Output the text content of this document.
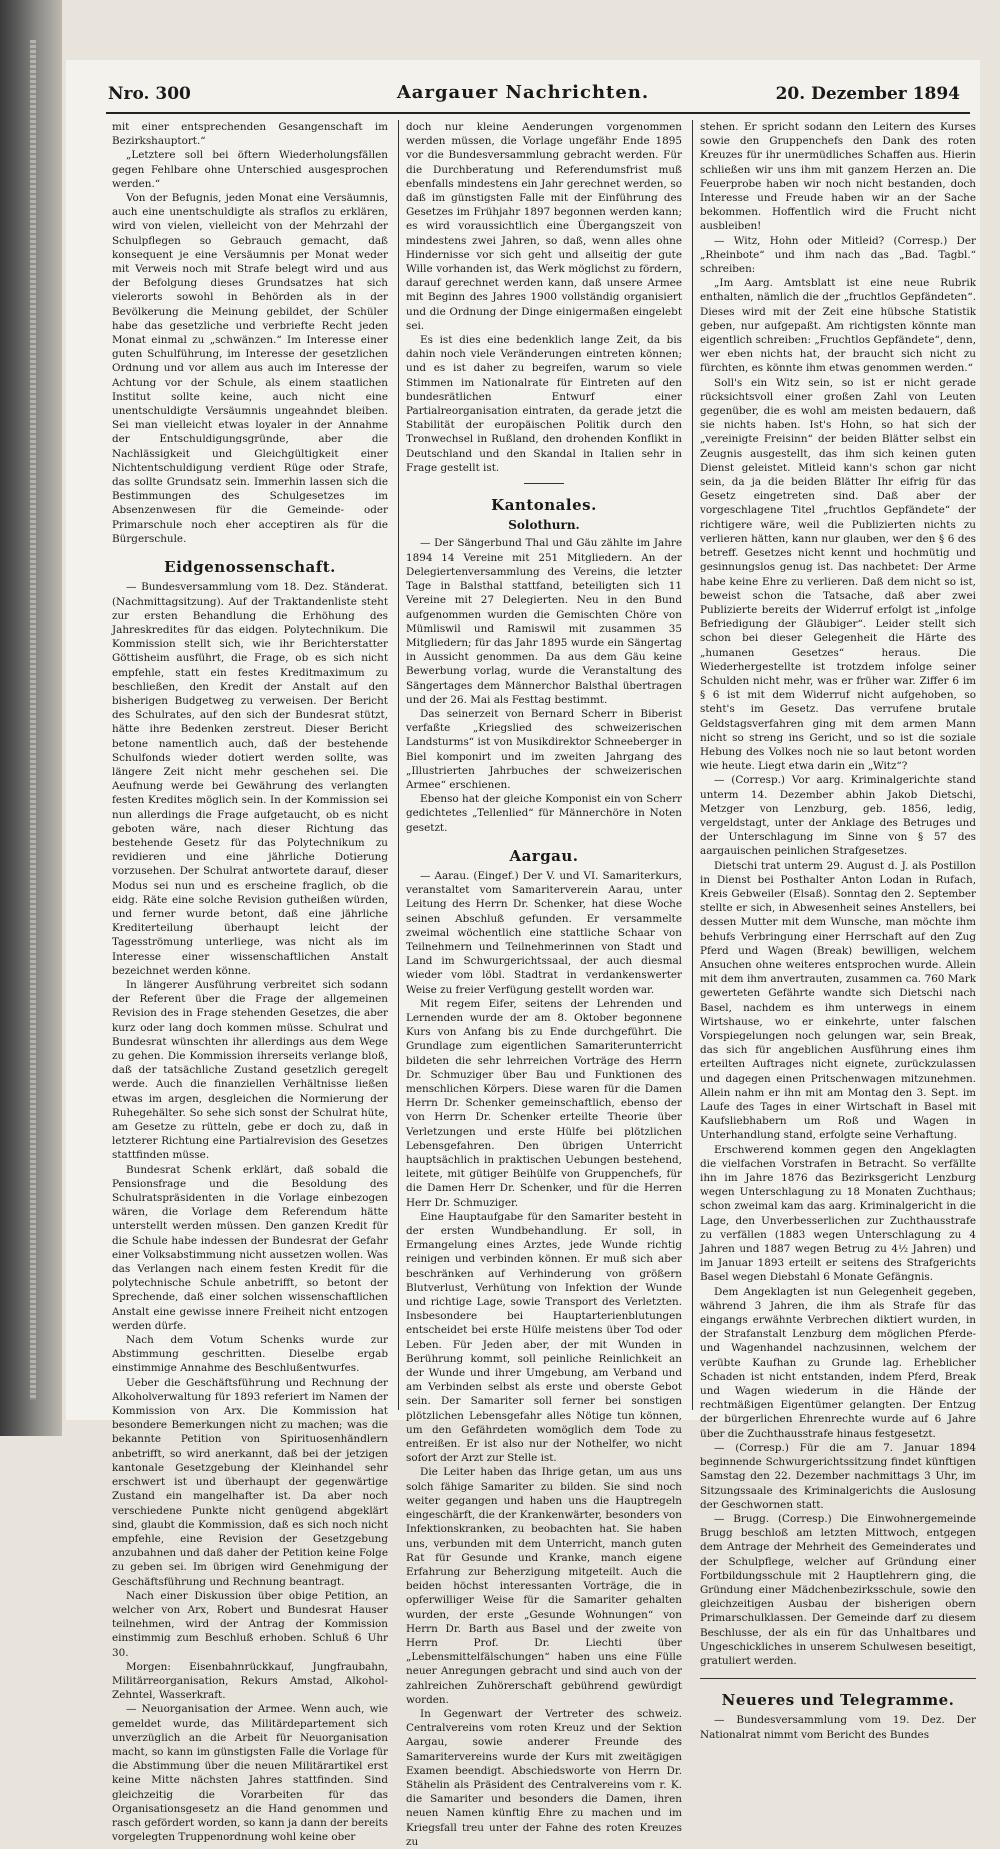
Nro. 300	Aargauer Nachrichten.	20. Dezember 1894

mit einer entsprechenden Gesangenschaft im Bezirkshauptort.“

„Letztere soll bei öftern Wiederholungsfällen gegen Fehlbare ohne Unterschied ausgesprochen werden.“

Von der Befugnis, jeden Monat eine Versäumnis, auch eine unentschuldigte als straflos zu erklären, wird von vielen, vielleicht von der Mehrzahl der Schulpflegen so Gebrauch gemacht, daß konsequent je eine Versäumnis per Monat weder mit Verweis noch mit Strafe belegt wird und aus der Befolgung dieses Grundsatzes hat sich vielerorts sowohl in Behörden als in der Bevölkerung die Meinung gebildet, der Schüler habe das gesetzliche und verbriefte Recht jeden Monat einmal zu „schwänzen.“ Im Interesse einer guten Schulführung, im Interesse der gesetzlichen Ordnung und vor allem aus auch im Interesse der Achtung vor der Schule, als einem staatlichen Institut sollte keine, auch nicht eine unentschuldigte Versäumnis ungeahndet bleiben. Sei man vielleicht etwas loyaler in der Annahme der Entschuldigungsgründe, aber die Nachlässigkeit und Gleichgültigkeit einer Nichtentschuldigung verdient Rüge oder Strafe, das sollte Grundsatz sein. Immerhin lassen sich die Bestimmungen des Schulgesetzes im Absenzenwesen für die Gemeinde- oder Primarschule noch eher acceptiren als für die Bürgerschule.

Eidgenossenschaft.

— Bundesversammlung vom 18. Dez. Ständerat. (Nachmittagsitzung). Auf der Traktandenliste steht zur ersten Behandlung die Erhöhung des Jahreskredites für das eidgen. Polytechnikum. Die Kommission stellt sich, wie ihr Berichterstatter Göttisheim ausführt, die Frage, ob es sich nicht empfehle, statt ein festes Kreditmaximum zu beschließen, den Kredit der Anstalt auf den bisherigen Budgetweg zu verweisen. Der Bericht des Schulrates, auf den sich der Bundesrat stützt, hätte ihre Bedenken zerstreut. Dieser Bericht betone namentlich auch, daß der bestehende Schulfonds wieder dotiert werden sollte, was längere Zeit nicht mehr geschehen sei. Die Aeufnung werde bei Gewährung des verlangten festen Kredites möglich sein. In der Kommission sei nun allerdings die Frage aufgetaucht, ob es nicht geboten wäre, nach dieser Richtung das bestehende Gesetz für das Polytechnikum zu revidieren und eine jährliche Dotierung vorzusehen. Der Schulrat antwortete darauf, dieser Modus sei nun und es erscheine fraglich, ob die eidg. Räte eine solche Revision gutheißen würden, und ferner wurde betont, daß eine jährliche Krediterteilung überhaupt leicht der Tagesströmung unterliege, was nicht als im Interesse einer wissenschaftlichen Anstalt bezeichnet werden könne.

In längerer Ausführung verbreitet sich sodann der Referent über die Frage der allgemeinen Revision des in Frage stehenden Gesetzes, die aber kurz oder lang doch kommen müsse. Schulrat und Bundesrat wünschten ihr allerdings aus dem Wege zu gehen. Die Kommission ihrerseits verlange bloß, daß der tatsächliche Zustand gesetzlich geregelt werde. Auch die finanziellen Verhältnisse ließen etwas im argen, desgleichen die Normierung der Ruhegehälter. So sehe sich sonst der Schulrat hüte, am Gesetze zu rütteln, gebe er doch zu, daß in letzterer Richtung eine Partialrevision des Gesetzes stattfinden müsse.

Bundesrat Schenk erklärt, daß sobald die Pensionsfrage und die Besoldung des Schulratspräsidenten in die Vorlage einbezogen wären, die Vorlage dem Referendum hätte unterstellt werden müssen. Den ganzen Kredit für die Schule habe indessen der Bundesrat der Gefahr einer Volksabstimmung nicht aussetzen wollen. Was das Verlangen nach einem festen Kredit für die polytechnische Schule anbetrifft, so betont der Sprechende, daß einer solchen wissenschaftlichen Anstalt eine gewisse innere Freiheit nicht entzogen werden dürfe.

Nach dem Votum Schenks wurde zur Abstimmung geschritten. Dieselbe ergab einstimmige Annahme des Beschlußentwurfes.

Ueber die Geschäftsführung und Rechnung der Alkoholverwaltung für 1893 referiert im Namen der Kommission von Arx. Die Kommission hat besondere Bemerkungen nicht zu machen; was die bekannte Petition von Spirituosenhändlern anbetrifft, so wird anerkannt, daß bei der jetzigen kantonale Gesetzgebung der Kleinhandel sehr erschwert ist und überhaupt der gegenwärtige Zustand ein mangelhafter ist. Da aber noch verschiedene Punkte nicht genügend abgeklärt sind, glaubt die Kommission, daß es sich noch nicht empfehle, eine Revision der Gesetzgebung anzubahnen und daß daher der Petition keine Folge zu geben sei. Im übrigen wird Genehmigung der Geschäftsführung und Rechnung beantragt.

Nach einer Diskussion über obige Petition, an welcher von Arx, Robert und Bundesrat Hauser teilnehmen, wird der Antrag der Kommission einstimmig zum Beschluß erhoben. Schluß 6 Uhr 30.

Morgen: Eisenbahnrückkauf, Jungfraubahn, Militärreorganisation, Rekurs Amstad, Alkohol-Zehntel, Wasserkraft.

— Neuorganisation der Armee. Wenn auch, wie gemeldet wurde, das Militärdepartement sich unverzüglich an die Arbeit für Neuorganisation macht, so kann im günstigsten Falle die Vorlage für die Abstimmung über die neuen Militärartikel erst keine Mitte nächsten Jahres stattfinden. Sind gleichzeitig die Vorarbeiten für das Organisationsgesetz an die Hand genommen und rasch gefördert worden, so kann ja dann der bereits vorgelegten Truppenordnung wohl keine ober

doch nur kleine Aenderungen vorgenommen werden müssen, die Vorlage ungefähr Ende 1895 vor die Bundesversammlung gebracht werden. Für die Durchberatung und Referendumsfrist muß ebenfalls mindestens ein Jahr gerechnet werden, so daß im günstigsten Falle mit der Einführung des Gesetzes im Frühjahr 1897 begonnen werden kann; es wird voraussichtlich eine Übergangszeit von mindestens zwei Jahren, so daß, wenn alles ohne Hindernisse vor sich geht und allseitig der gute Wille vorhanden ist, das Werk möglichst zu fördern, darauf gerechnet werden kann, daß unsere Armee mit Beginn des Jahres 1900 vollständig organisiert und die Ordnung der Dinge einigermaßen eingelebt sei.

Es ist dies eine bedenklich lange Zeit, da bis dahin noch viele Veränderungen eintreten können; und es ist daher zu begreifen, warum so viele Stimmen im Nationalrate für Eintreten auf den bundesrätlichen Entwurf einer Partialreorganisation eintraten, da gerade jetzt die Stabilität der europäischen Politik durch den Tronwechsel in Rußland, den drohenden Konflikt in Deutschland und den Skandal in Italien sehr in Frage gestellt ist.

Kantonales.
Solothurn.

— Der Sängerbund Thal und Gäu zählte im Jahre 1894 14 Vereine mit 251 Mitgliedern. An der Delegiertenversammlung des Vereins, die letzter Tage in Balsthal stattfand, beteiligten sich 11 Vereine mit 27 Delegierten. Neu in den Bund aufgenommen wurden die Gemischten Chöre von Mümliswil und Ramiswil mit zusammen 35 Mitgliedern; für das Jahr 1895 wurde ein Sängertag in Aussicht genommen. Da aus dem Gäu keine Bewerbung vorlag, wurde die Veranstaltung des Sängertages dem Männerchor Balsthal übertragen und der 26. Mai als Festtag bestimmt.

Das seinerzeit von Bernard Scherr in Biberist verfaßte „Kriegslied des schweizerischen Landsturms“ ist von Musikdirektor Schneeberger in Biel komponirt und im zweiten Jahrgang des „Illustrierten Jahrbuches der schweizerischen Armee“ erschienen.

Ebenso hat der gleiche Komponist ein von Scherr gedichtetes „Tellenlied“ für Männerchöre in Noten gesetzt.

Aargau.

— Aarau. (Eingef.) Der V. und VI. Samariterkurs, veranstaltet vom Samariterverein Aarau, unter Leitung des Herrn Dr. Schenker, hat diese Woche seinen Abschluß gefunden. Er versammelte zweimal wöchentlich eine stattliche Schaar von Teilnehmern und Teilnehmerinnen von Stadt und Land im Schwurgerichtssaal, der auch diesmal wieder vom löbl. Stadtrat in verdankenswerter Weise zu freier Verfügung gestellt worden war.

Mit regem Eifer, seitens der Lehrenden und Lernenden wurde der am 8. Oktober begonnene Kurs von Anfang bis zu Ende durchgeführt. Die Grundlage zum eigentlichen Samariterunterricht bildeten die sehr lehrreichen Vorträge des Herrn Dr. Schmuziger über Bau und Funktionen des menschlichen Körpers. Diese waren für die Damen Herrn Dr. Schenker gemeinschaftlich, ebenso der von Herrn Dr. Schenker erteilte Theorie über Verletzungen und erste Hülfe bei plötzlichen Lebensgefahren. Den übrigen Unterricht hauptsächlich in praktischen Uebungen bestehend, leitete, mit gütiger Beihülfe von Gruppenchefs, für die Damen Herr Dr. Schenker, und für die Herren Herr Dr. Schmuziger.

Eine Hauptaufgabe für den Samariter besteht in der ersten Wundbehandlung. Er soll, in Ermangelung eines Arztes, jede Wunde richtig reinigen und verbinden können. Er muß sich aber beschränken auf Verhinderung von größern Blutverlust, Verhütung von Infektion der Wunde und richtige Lage, sowie Transport des Verletzten. Insbesondere bei Hauptarterienblutungen entscheidet bei erste Hülfe meistens über Tod oder Leben. Für Jeden aber, der mit Wunden in Berührung kommt, soll peinliche Reinlichkeit an der Wunde und ihrer Umgebung, am Verband und am Verbinden selbst als erste und oberste Gebot sein. Der Samariter soll ferner bei sonstigen plötzlichen Lebensgefahr alles Nötige tun können, um den Gefährdeten womöglich dem Tode zu entreißen. Er ist also nur der Nothelfer, wo nicht sofort der Arzt zur Stelle ist.

Die Leiter haben das Ihrige getan, um aus uns solch fähige Samariter zu bilden. Sie sind noch weiter gegangen und haben uns die Hauptregeln eingeschärft, die der Krankenwärter, besonders von Infektionskranken, zu beobachten hat. Sie haben uns, verbunden mit dem Unterricht, manch guten Rat für Gesunde und Kranke, manch eigene Erfahrung zur Beherzigung mitgeteilt. Auch die beiden höchst interessanten Vorträge, die in opferwilliger Weise für die Samariter gehalten wurden, der erste „Gesunde Wohnungen“ von Herrn Dr. Barth aus Basel und der zweite von Herrn Prof. Dr. Liechti über „Lebensmittelfälschungen“ haben uns eine Fülle neuer Anregungen gebracht und sind auch von der zahlreichen Zuhörerschaft gebührend gewürdigt worden.

In Gegenwart der Vertreter des schweiz. Centralvereins vom roten Kreuz und der Sektion Aargau, sowie anderer Freunde des Samaritervereins wurde der Kurs mit zweitägigen Examen beendigt. Abschiedsworte von Herrn Dr. Stähelin als Präsident des Centralvereins vom r. K. die Samariter und besonders die Damen, ihren neuen Namen künftig Ehre zu machen und im Kriegsfall treu unter der Fahne des roten Kreuzes zu

stehen. Er spricht sodann den Leitern des Kurses sowie den Gruppenchefs den Dank des roten Kreuzes für ihr unermüdliches Schaffen aus. Hierin schließen wir uns ihm mit ganzem Herzen an. Die Feuerprobe haben wir noch nicht bestanden, doch Interesse und Freude haben wir an der Sache bekommen. Hoffentlich wird die Frucht nicht ausbleiben!

— Witz, Hohn oder Mitleid? (Corresp.) Der „Rheinbote“ und ihm nach das „Bad. Tagbl.“ schreiben:

„Im Aarg. Amtsblatt ist eine neue Rubrik enthalten, nämlich die der „fruchtlos Gepfändeten“. Dieses wird mit der Zeit eine hübsche Statistik geben, nur aufgepaßt. Am richtigsten könnte man eigentlich schreiben: „Fruchtlos Gepfändete“, denn, wer eben nichts hat, der braucht sich nicht zu fürchten, es könnte ihm etwas genommen werden.“

Soll's ein Witz sein, so ist er nicht gerade rücksichtsvoll einer großen Zahl von Leuten gegenüber, die es wohl am meisten bedauern, daß sie nichts haben. Ist's Hohn, so hat sich der „vereinigte Freisinn“ der beiden Blätter selbst ein Zeugnis ausgestellt, das ihm sich keinen guten Dienst geleistet. Mitleid kann's schon gar nicht sein, da ja die beiden Blätter Ihr eifrig für das Gesetz eingetreten sind. Daß aber der vorgeschlagene Titel „fruchtlos Gepfändete“ der richtigere wäre, weil die Publizierten nichts zu verlieren hätten, kann nur glauben, wer den § 6 des betreff. Gesetzes nicht kennt und hochmütig und gesinnungslos genug ist. Das nachbetet: Der Arme habe keine Ehre zu verlieren. Daß dem nicht so ist, beweist schon die Tatsache, daß aber zwei Publizierte bereits der Widerruf erfolgt ist „infolge Befriedigung der Gläubiger“. Leider stellt sich schon bei dieser Gelegenheit die Härte des „humanen Gesetzes“ heraus. Die Wiederhergestellte ist trotzdem infolge seiner Schulden nicht mehr, was er früher war. Ziffer 6 im § 6 ist mit dem Widerruf nicht aufgehoben, so steht's im Gesetz. Das verrufene brutale Geldstagsverfahren ging mit dem armen Mann nicht so streng ins Gericht, und so ist die soziale Hebung des Volkes noch nie so laut betont worden wie heute. Liegt etwa darin ein „Witz“?

— (Corresp.) Vor aarg. Kriminalgerichte stand unterm 14. Dezember abhin Jakob Dietschi, Metzger von Lenzburg, geb. 1856, ledig, vergeldstagt, unter der Anklage des Betruges und der Unterschlagung im Sinne von § 57 des aargauischen peinlichen Strafgesetzes.

Dietschi trat unterm 29. August d. J. als Postillon in Dienst bei Posthalter Anton Lodan in Rufach, Kreis Gebweiler (Elsaß). Sonntag den 2. September stellte er sich, in Abwesenheit seines Anstellers, bei dessen Mutter mit dem Wunsche, man möchte ihm behufs Verbringung einer Herrschaft auf den Zug Pferd und Wagen (Break) bewilligen, welchem Ansuchen ohne weiteres entsprochen wurde. Allein mit dem ihm anvertrauten, zusammen ca. 760 Mark gewerteten Gefährte wandte sich Dietschi nach Basel, nachdem es ihm unterwegs in einem Wirtshause, wo er einkehrte, unter falschen Vorspiegelungen noch gelungen war, sein Break, das sich für angeblichen Ausführung eines ihm erteilten Auftrages nicht eignete, zurückzulassen und dagegen einen Pritschenwagen mitzunehmen. Allein nahm er ihn mit am Montag den 3. Sept. im Laufe des Tages in einer Wirtschaft in Basel mit Kaufsliebhabern um Roß und Wagen in Unterhandlung stand, erfolgte seine Verhaftung.

Erschwerend kommen gegen den Angeklagten die vielfachen Vorstrafen in Betracht. So verfällte ihn im Jahre 1876 das Bezirksgericht Lenzburg wegen Unterschlagung zu 18 Monaten Zuchthaus; schon zweimal kam das aarg. Kriminalgericht in die Lage, den Unverbesserlichen zur Zuchthausstrafe zu verfällen (1883 wegen Unterschlagung zu 4 Jahren und 1887 wegen Betrug zu 4½ Jahren) und im Januar 1893 erteilt er seitens des Strafgerichts Basel wegen Diebstahl 6 Monate Gefängnis.

Dem Angeklagten ist nun Gelegenheit gegeben, während 3 Jahren, die ihm als Strafe für das eingangs erwähnte Verbrechen diktiert wurden, in der Strafanstalt Lenzburg dem möglichen Pferde- und Wagenhandel nachzusinnen, welchem der verübte Kaufhan zu Grunde lag. Erheblicher Schaden ist nicht entstanden, indem Pferd, Break und Wagen wiederum in die Hände der rechtmäßigen Eigentümer gelangten. Der Entzug der bürgerlichen Ehrenrechte wurde auf 6 Jahre über die Zuchthausstrafe hinaus festgesetzt.

— (Corresp.) Für die am 7. Januar 1894 beginnende Schwurgerichtssitzung findet künftigen Samstag den 22. Dezember nachmittags 3 Uhr, im Sitzungssaale des Kriminalgerichts die Auslosung der Geschwornen statt.

— Brugg. (Corresp.) Die Einwohnergemeinde Brugg beschloß am letzten Mittwoch, entgegen dem Antrage der Mehrheit des Gemeinderates und der Schulpflege, welcher auf Gründung einer Fortbildungsschule mit 2 Hauptlehrern ging, die Gründung einer Mädchenbezirksschule, sowie den gleichzeitigen Ausbau der bisherigen obern Primarschulklassen. Der Gemeinde darf zu diesem Beschlusse, der als ein für das Unhaltbares und Ungeschickliches in unserem Schulwesen beseitigt, gratuliert werden.

Neueres und Telegramme.

— Bundesversammlung vom 19. Dez. Der Nationalrat nimmt vom Bericht des Bundes
